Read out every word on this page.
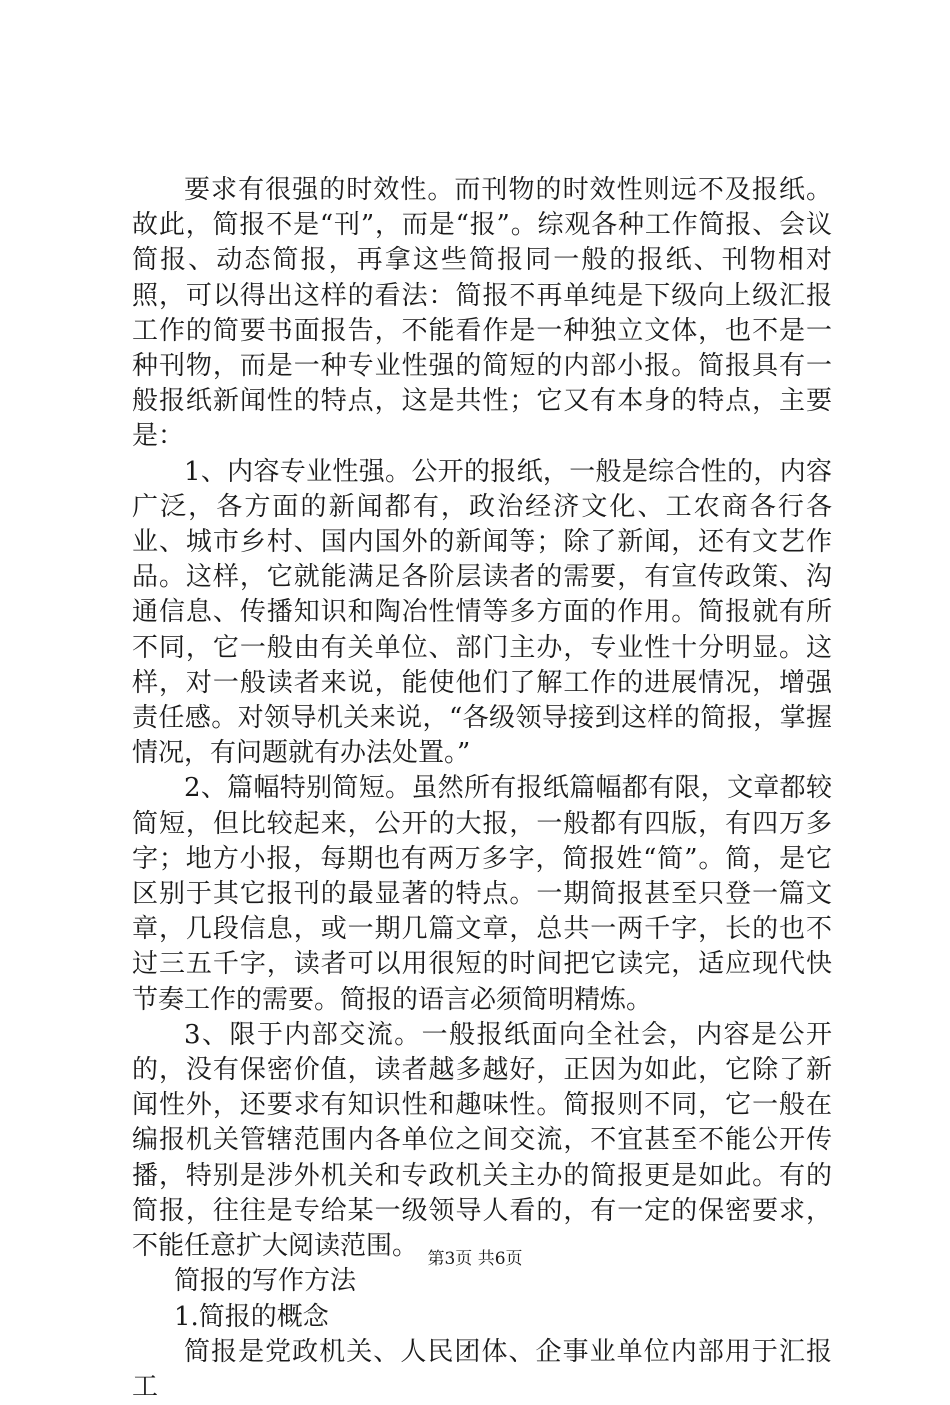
要求有很强的时效性。而刊物的时效性则远不及报纸。故此，简报不是“刊”，而是“报”。综观各种工作简报、会议简报、动态简报，再拿这些简报同一般的报纸、刊物相对照，可以得出这样的看法：简报不再单纯是下级向上级汇报工作的简要书面报告，不能看作是一种独立文体，也不是一种刊物，而是一种专业性强的简短的内部小报。简报具有一般报纸新闻性的特点，这是共性；它又有本身的特点，主要是：

1、内容专业性强。公开的报纸，一般是综合性的，内容广泛，各方面的新闻都有，政治经济文化、工农商各行各业、城市乡村、国内国外的新闻等；除了新闻，还有文艺作品。这样，它就能满足各阶层读者的需要，有宣传政策、沟通信息、传播知识和陶冶性情等多方面的作用。简报就有所不同，它一般由有关单位、部门主办，专业性十分明显。这样，对一般读者来说，能使他们了解工作的进展情况，增强责任感。对领导机关来说，“各级领导接到这样的简报，掌握情况，有问题就有办法处置。”

2、篇幅特别简短。虽然所有报纸篇幅都有限，文章都较简短，但比较起来，公开的大报，一般都有四版，有四万多字；地方小报，每期也有两万多字，简报姓“简”。简，是它区别于其它报刊的最显著的特点。一期简报甚至只登一篇文章，几段信息，或一期几篇文章，总共一两千字，长的也不过三五千字，读者可以用很短的时间把它读完，适应现代快节奏工作的需要。简报的语言必须简明精炼。

3、限于内部交流。一般报纸面向全社会，内容是公开的，没有保密价值，读者越多越好，正因为如此，它除了新闻性外，还要求有知识性和趣味性。简报则不同，它一般在编报机关管辖范围内各单位之间交流，不宜甚至不能公开传播，特别是涉外机关和专政机关主办的简报更是如此。有的简报，往往是专给某一级领导人看的，有一定的保密要求，不能任意扩大阅读范围。

简报的写作方法

1.简报的概念

简报是党政机关、人民团体、企事业单位内部用于汇报工

第3页 共6页
